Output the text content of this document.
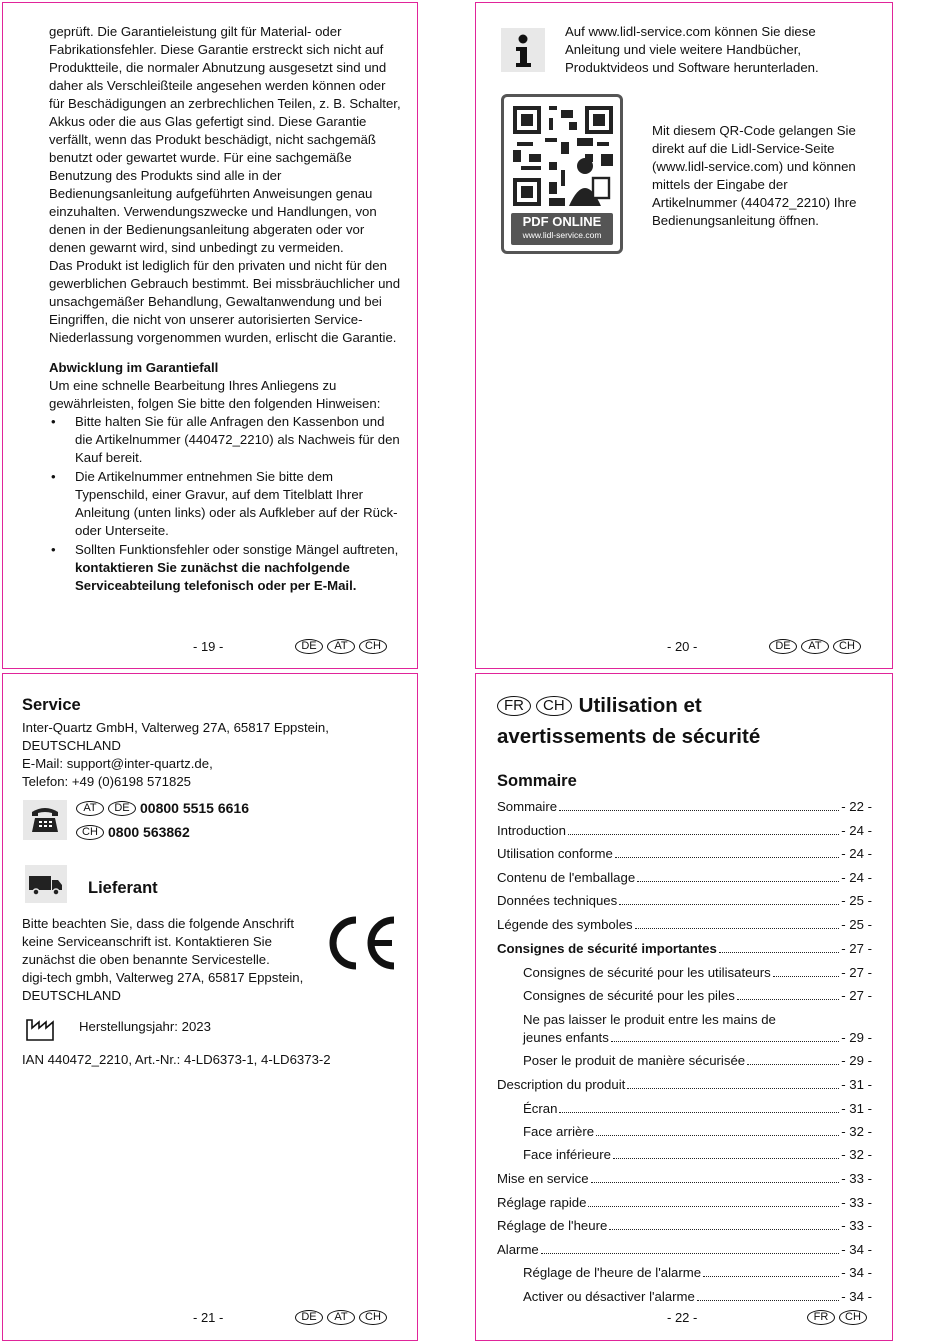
geprüft. Die Garantieleistung gilt für Material- oder Fabrikationsfehler. Diese Garantie erstreckt sich nicht auf Produktteile, die normaler Abnutzung ausgesetzt sind und daher als Verschleißteile angesehen werden können oder für Beschädigungen an zerbrechlichen Teilen, z. B. Schalter, Akkus oder die aus Glas gefertigt sind. Diese Garantie verfällt, wenn das Produkt beschädigt, nicht sachgemäß benutzt oder gewartet wurde. Für eine sachgemäße Benutzung des Produkts sind alle in der Bedienungsanleitung aufgeführten Anweisungen genau einzuhalten. Verwendungszwecke und Handlungen, von denen in der Bedienungsanleitung abgeraten oder vor denen gewarnt wird, sind unbedingt zu vermeiden.
Das Produkt ist lediglich für den privaten und nicht für den gewerblichen Gebrauch bestimmt. Bei missbräuchlicher und unsachgemäßer Behandlung, Gewaltanwendung und bei Eingriffen, die nicht von unserer autorisierten Service-Niederlassung vorgenommen wurden, erlischt die Garantie.
Abwicklung im Garantiefall
Um eine schnelle Bearbeitung Ihres Anliegens zu gewährleisten, folgen Sie bitte den folgenden Hinweisen:
• Bitte halten Sie für alle Anfragen den Kassenbon und die Artikelnummer (440472_2210) als Nachweis für den Kauf bereit.
• Die Artikelnummer entnehmen Sie bitte dem Typenschild, einer Gravur, auf dem Titelblatt Ihrer Anleitung (unten links) oder als Aufkleber auf der Rück- oder Unterseite.
• Sollten Funktionsfehler oder sonstige Mängel auftreten, kontaktieren Sie zunächst die nachfolgende Serviceabteilung telefonisch oder per E-Mail.
- 19 -	DE	AT	CH
Auf www.lidl-service.com können Sie diese Anleitung und viele weitere Handbücher, Produktvideos und Software herunterladen.
PDF ONLINE
www.lidl-service.com
Mit diesem QR-Code gelangen Sie direkt auf die Lidl-Service-Seite (www.lidl-service.com) und können mittels der Eingabe der Artikelnummer (440472_2210) Ihre Bedienungsanleitung öffnen.
- 20 -	DE	AT	CH
Service
Inter-Quartz GmbH, Valterweg 27A, 65817 Eppstein,
DEUTSCHLAND
E-Mail: support@inter-quartz.de,
Telefon: +49 (0)6198 571825
AT	DE 00800 5515 6616
CH 0800 563862
Lieferant
Bitte beachten Sie, dass die folgende Anschrift
keine Serviceanschrift ist. Kontaktieren Sie
zunächst die oben benannte Servicestelle.
digi-tech gmbh, Valterweg 27A, 65817 Eppstein,
DEUTSCHLAND
Herstellungsjahr: 2023
IAN 440472_2210, Art.-Nr.: 4-LD6373-1, 4-LD6373-2
- 21 -	DE	AT	CH
FR	CH Utilisation et
avertissements de sécurité
Sommaire
Sommaire	- 22 -
Introduction	- 24 -
Utilisation conforme	- 24 -
Contenu de l'emballage	- 24 -
Données techniques	- 25 -
Légende des symboles	- 25 -
Consignes de sécurité importantes	- 27 -
Consignes de sécurité pour les utilisateurs	- 27 -
Consignes de sécurité pour les piles	- 27 -
Ne pas laisser le produit entre les mains de
jeunes enfants	- 29 -
Poser le produit de manière sécurisée	- 29 -
Description du produit	- 31 -
Écran	- 31 -
Face arrière	- 32 -
Face inférieure	- 32 -
Mise en service	- 33 -
Réglage rapide	- 33 -
Réglage de l'heure	- 33 -
Alarme	- 34 -
Réglage de l'heure de l'alarme	- 34 -
Activer ou désactiver l'alarme	- 34 -
- 22 -	FR	CH
